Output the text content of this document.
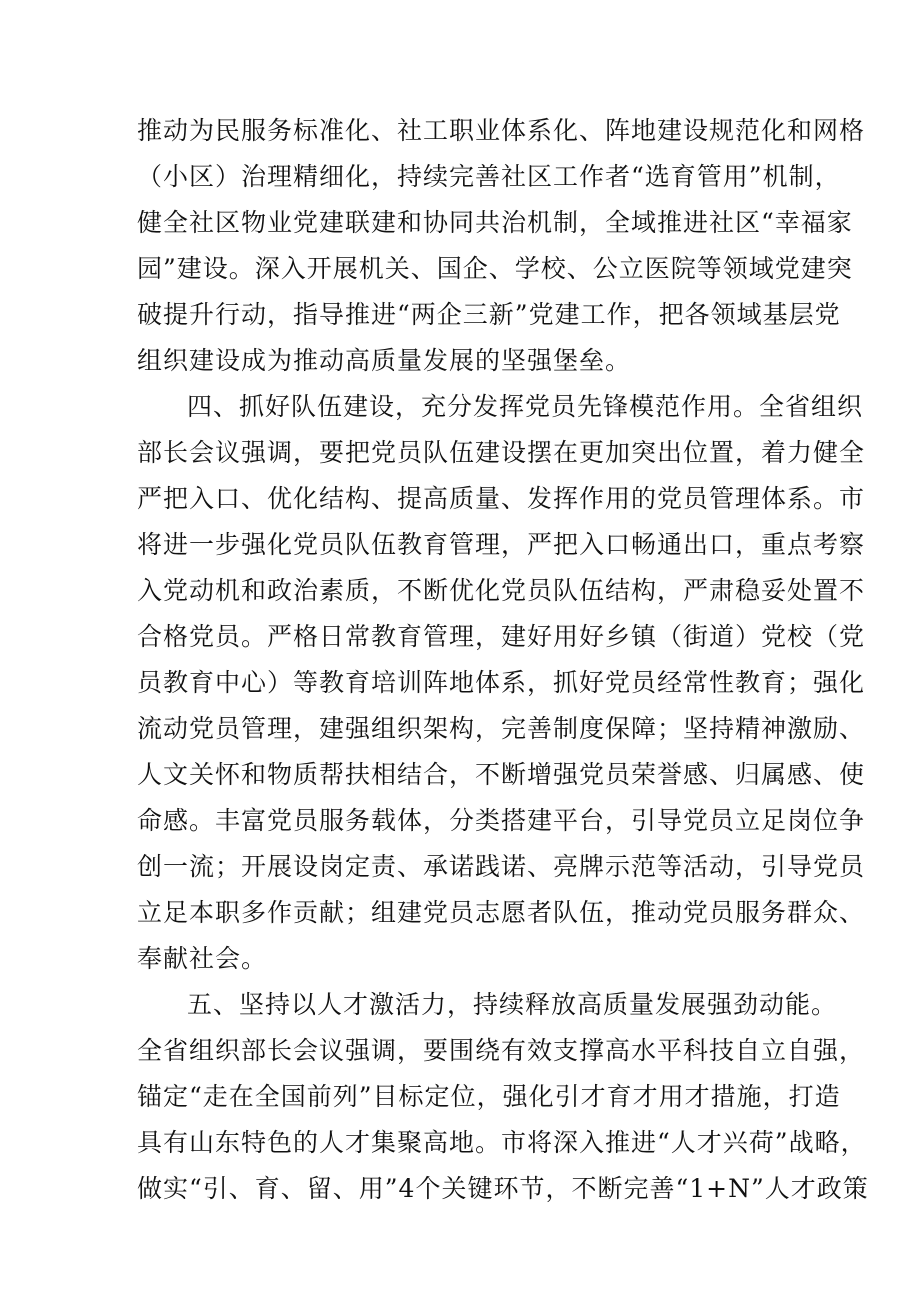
推动为民服务标准化、社工职业体系化、阵地建设规范化和网格
（小区）治理精细化，持续完善社区工作者“选育管用”机制，
健全社区物业党建联建和协同共治机制，全域推进社区“幸福家
园”建设。深入开展机关、国企、学校、公立医院等领域党建突
破提升行动，指导推进“两企三新”党建工作，把各领域基层党
组织建设成为推动高质量发展的坚强堡垒。
四、抓好队伍建设，充分发挥党员先锋模范作用。全省组织
部长会议强调，要把党员队伍建设摆在更加突出位置，着力健全
严把入口、优化结构、提高质量、发挥作用的党员管理体系。市
将进一步强化党员队伍教育管理，严把入口畅通出口，重点考察
入党动机和政治素质，不断优化党员队伍结构，严肃稳妥处置不
合格党员。严格日常教育管理，建好用好乡镇（街道）党校（党
员教育中心）等教育培训阵地体系，抓好党员经常性教育；强化
流动党员管理，建强组织架构，完善制度保障；坚持精神激励、
人文关怀和物质帮扶相结合，不断增强党员荣誉感、归属感、使
命感。丰富党员服务载体，分类搭建平台，引导党员立足岗位争
创一流；开展设岗定责、承诺践诺、亮牌示范等活动，引导党员
立足本职多作贡献；组建党员志愿者队伍，推动党员服务群众、
奉献社会。
五、坚持以人才激活力，持续释放高质量发展强劲动能。
全省组织部长会议强调，要围绕有效支撑高水平科技自立自强，
锚定“走在全国前列”目标定位，强化引才育才用才措施，打造
具有山东特色的人才集聚高地。市将深入推进“人才兴荷”战略，
做实“引、育、留、用”4个关键环节，不断完善“1+N”人才政策
